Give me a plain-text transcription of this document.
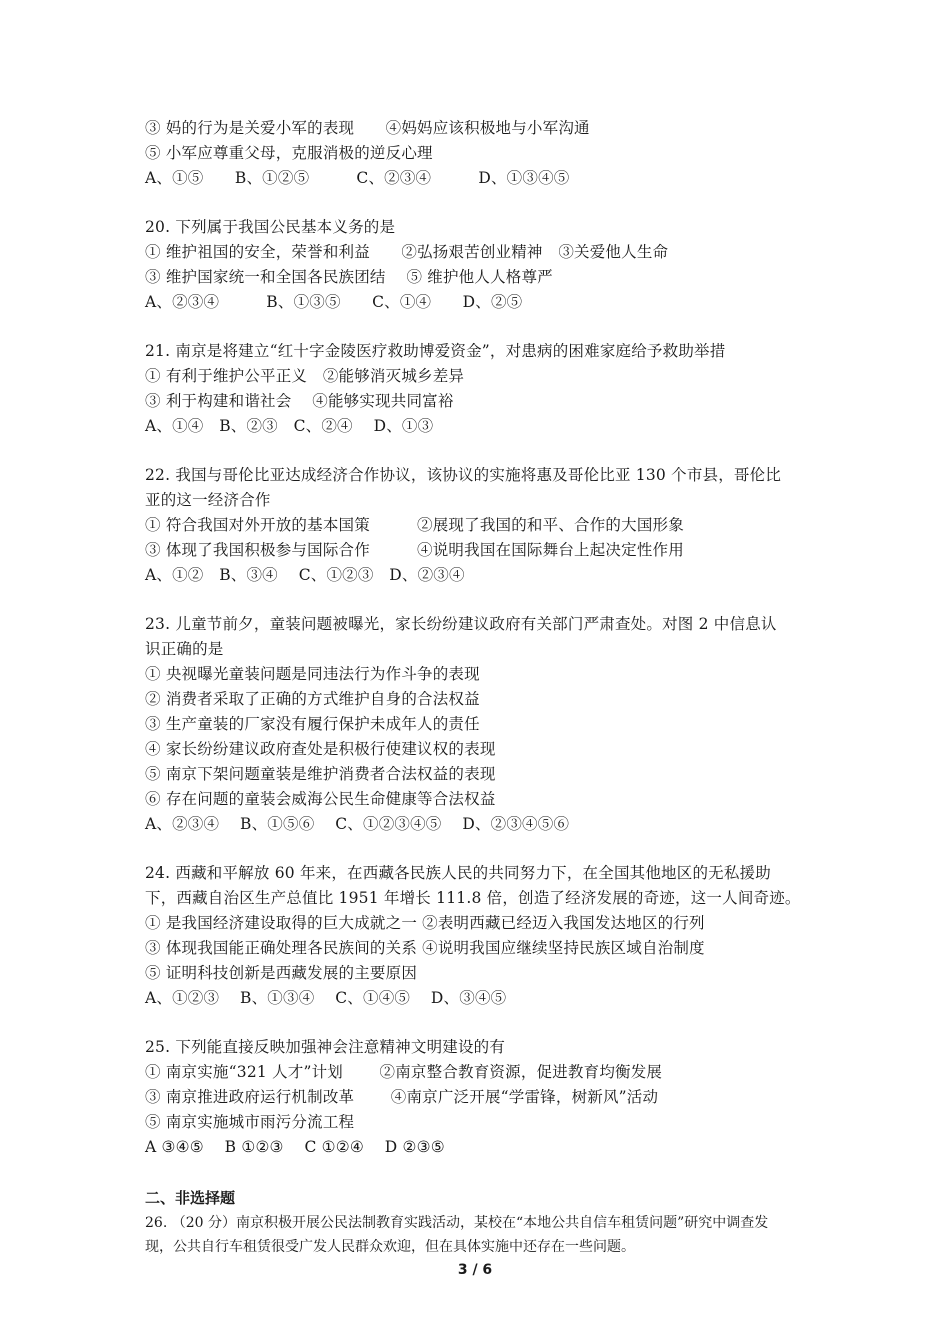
③ 妈的行为是关爱小军的表现　　④妈妈应该积极地与小军沟通
⑤ 小军应尊重父母，克服消极的逆反心理
A、①⑤　　B、①②⑤　　　C、②③④　　　D、①③④⑤
20. 下列属于我国公民基本义务的是
① 维护祖国的安全，荣誉和利益　　②弘扬艰苦创业精神　③关爱他人生命
③ 维护国家统一和全国各民族团结　 ⑤ 维护他人人格尊严
A、②③④　　　B、①③⑤　　C、①④　　D、②⑤
21. 南京是将建立“红十字金陵医疗救助博爱资金”，对患病的困难家庭给予救助举措
① 有利于维护公平正义　②能够消灭城乡差异
③ 利于构建和谐社会　 ④能够实现共同富裕
A、①④　B、②③　C、②④　 D、①③
22. 我国与哥伦比亚达成经济合作协议，该协议的实施将惠及哥伦比亚 130 个市县，哥伦比
亚的这一经济合作
① 符合我国对外开放的基本国策　　　②展现了我国的和平、合作的大国形象
③ 体现了我国积极参与国际合作　　　④说明我国在国际舞台上起决定性作用
A、①②　B、③④　 C、①②③　D、②③④
23. 儿童节前夕，童装问题被曝光，家长纷纷建议政府有关部门严肃查处。对图 2 中信息认
识正确的是
① 央视曝光童装问题是同违法行为作斗争的表现
② 消费者采取了正确的方式维护自身的合法权益
③ 生产童装的厂家没有履行保护未成年人的责任
④ 家长纷纷建议政府查处是积极行使建议权的表现
⑤ 南京下架问题童装是维护消费者合法权益的表现
⑥ 存在问题的童装会威海公民生命健康等合法权益
A、②③④　 B、①⑤⑥　 C、①②③④⑤　 D、②③④⑤⑥
24. 西藏和平解放 60 年来，在西藏各民族人民的共同努力下，在全国其他地区的无私援助
下，西藏自治区生产总值比 1951 年增长 111.8 倍，创造了经济发展的奇迹，这一人间奇迹。
① 是我国经济建设取得的巨大成就之一 ②表明西藏已经迈入我国发达地区的行列
③ 体现我国能正确处理各民族间的关系 ④说明我国应继续坚持民族区域自治制度
⑤ 证明科技创新是西藏发展的主要原因
A、①②③　 B、①③④　 C、①④⑤　 D、③④⑤
25. 下列能直接反映加强神会注意精神文明建设的有
① 南京实施“321 人才”计划　　 ②南京整合教育资源，促进教育均衡发展
③ 南京推进政府运行机制改革　　 ④南京广泛开展“学雷锋，树新风”活动
⑤ 南京实施城市雨污分流工程
A ③④⑤　 B ①②③　 C ①②④　 D ②③⑤
二、非选择题
26. （20 分）南京积极开展公民法制教育实践活动，某校在“本地公共自信车租赁问题”研究中调查发
现，公共自行车租赁很受广发人民群众欢迎，但在具体实施中还存在一些问题。
3 / 6
